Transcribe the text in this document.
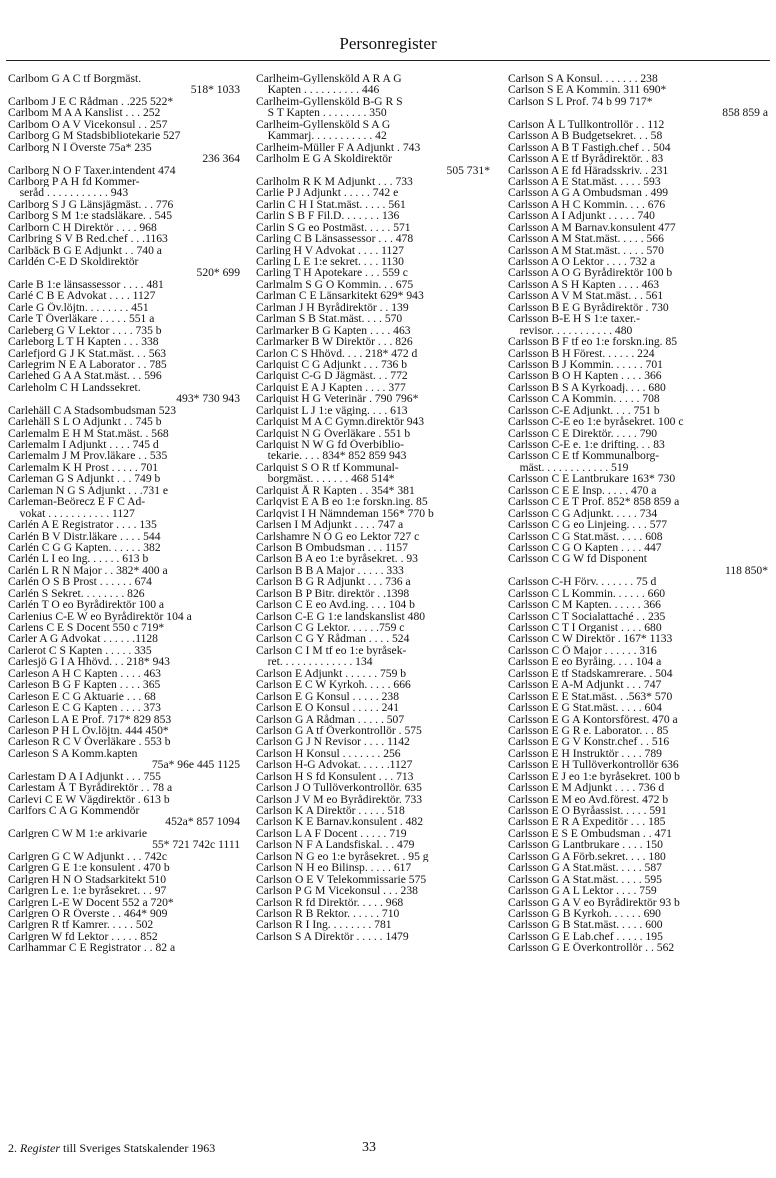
Personregister
Carlbom G A C tf Borgmäst.
518* 1033
Carlbom J E C Rådman . .225 522*
Carlbom M A A Kanslist . . . 252
Carlbom O A V Vicekonsul . . 257
Carlborg G M Stadsbibliotekarie 527
Carlborg N I Överste 75a* 235
236 364
Carlborg N O F Taxer.intendent 474
Carlborg P A H fd Kommer-
seråd . . . . . . . . . . . 943
Carlborg S J G Länsjägmäst. . . 776
Carlborg S M 1:e stadsläkare. . 545
Carlborn C H Direktör . . . . 968
Carlbring S V B Red.chef . . .1163
Carlbäck B G E Adjunkt . . 740 a
Carldén C-E D Skoldirektör
520* 699
Carle B 1:e länsassessor . . . . 481
Carlé C B E Advokat . . . . 1127
Carle G Öv.löjtn. . . . . . . . 451
Carle T Överläkare . . . . . 551 a
Carleberg G V Lektor . . . . 735 b
Carleborg L T H Kapten . . . 338
Carlefjord G J K Stat.mäst. . . 563
Carlegrim N E A Laborator . . 785
Carlehed G A A Stat.mäst. . . 596
Carleholm C H Landssekret.
493* 730 943
Carlehäll C A Stadsombudsman 523
Carlehäll S L O Adjunkt . . 745 b
Carlemalm E H M Stat.mäst. . 568
Carlemalm I Adjunkt . . . . 745 d
Carlemalm J M Prov.läkare . . 535
Carlemalm K H Prost . . . . . 701
Carleman G S Adjunkt . . . 749 b
Carleman N G S Adjunkt . . .731 e
Carleman-Beörecz E F C Ad-
vokat . . . . . . . . . . . 1127
Carlén A E Registrator . . . . 135
Carlén B V Distr.läkare . . . . 544
Carlén C G G Kapten. . . . . . 382
Carlén L I eo Ing. . . . . . 613 b
Carlén L R N Major . . 382* 400 a
Carlén O S B Prost . . . . . . 674
Carlén S Sekret. . . . . . . . 826
Carlén T O eo Byrådirektör 100 a
Carlenius C-E W eo Byrådirektör 104 a
Carlens C E S Docent 550 c 719*
Carler A G Advokat . . . . . .1128
Carlerot C S Kapten . . . . . 335
Carlesjö G I A Hhövd. . . 218* 943
Carleson A H C Kapten . . . . 463
Carleson B G F Kapten . . . . 365
Carleson E C G Aktuarie . . . 68
Carleson E C G Kapten . . . . 373
Carleson L A E Prof. 717* 829 853
Carleson P H L Öv.löjtn. 444 450*
Carleson R C V Överläkare . 553 b
Carleson S A Komm.kapten
75a* 96e 445 1125
Carlestam D A I Adjunkt . . . 755
Carlestam Å T Byrådirektör . . 78 a
Carlevi C E W Vägdirektör . 613 b
Carlfors C A G Kommendör
452a* 857 1094
Carlgren C W M 1:e arkivarie
55* 721 742c 1111
Carlgren G C W Adjunkt . . . 742c
Carlgren G E 1:e konsulent . 470 b
Carlgren H N O Stadsarkitekt 510
Carlgren L e. 1:e byråsekret. . . 97
Carlgren L-E W Docent 552 a 720*
Carlgren O R Överste . . 464* 909
Carlgren R tf Kamrer. . . . . 502
Carlgren W fd Lektor . . . . . 852
Carlhammar C E Registrator . . 82 a
Carlheim-Gyllensköld A R A G
Kapten . . . . . . . . . . 446
Carlheim-Gyllensköld B-G R S
S T Kapten . . . . . . . . 350
Carlheim-Gyllensköld S A G
Kammarj. . . . . . . . . . . 42
Carlheim-Müller F A Adjunkt . 743
Carlholm E G A Skoldirektör
505 731*
Carlholm R K M Adjunkt . . . 733
Carlie P J Adjunkt . . . . . 742 e
Carlin C H I Stat.mäst. . . . . 561
Carlin S B F Fil.D. . . . . . . 136
Carlin S G eo Postmäst. . . . . 571
Carling C B Länsassessor . . . 478
Carling H V Advokat . . . . 1127
Carling L E 1:e sekret. . . . 1130
Carling T H Apotekare . . . 559 c
Carlmalm S G O Kommin. . . 675
Carlman C E Länsarkitekt 629* 943
Carlman J H Byrådirektör . . 139
Carlman S B Stat.mäst. . . . 570
Carlmarker B G Kapten . . . . 463
Carlmarker B W Direktör . . . 826
Carlon C S Hhövd. . . . 218* 472 d
Carlquist C G Adjunkt . . . 736 b
Carlquist C-G D Jägmäst. . . 772
Carlquist E A J Kapten . . . . 377
Carlquist H G Veterinär . 790 796*
Carlquist L J 1:e väging. . . . 613
Carlquist M A C Gymn.direktör 943
Carlquist N G Överläkare . 551 b
Carlquist N W G fd Överbiblio-
tekarie. . . . 834* 852 859 943
Carlquist S O R tf Kommunal-
borgmäst. . . . . . . 468 514*
Carlquist Å R Kapten . . 354* 381
Carlqvist E A B eo 1:e forskn.ing. 85
Carlqvist I H Nämndeman 156* 770 b
Carlsen I M Adjunkt . . . . 747 a
Carlshamre N O G eo Lektor 727 c
Carlson B Ombudsman . . . 1157
Carlson B A eo 1:e byråsekret. . 93
Carlson B B A Major . . . . . 333
Carlson B G R Adjunkt . . . 736 a
Carlson B P Bitr. direktör . .1398
Carlson C E eo Avd.ing. . . . 104 b
Carlson C-E G 1:e landskanslist 480
Carlson C G Lektor. . . . . .759 c
Carlson C G Y Rådman . . . . 524
Carlson C I M tf eo 1:e byråsek-
ret. . . . . . . . . . . . . 134
Carlson E Adjunkt . . . . . . 759 b
Carlson E C W Kyrkoh. . . . . 666
Carlson E G Konsul . . . . . 238
Carlson E O Konsul . . . . . 241
Carlson G A Rådman . . . . . 507
Carlson G A tf Överkontrollör . 575
Carlson G J N Revisor . . . . 1142
Carlson H Konsul . . . . . . . 256
Carlson H-G Advokat. . . . . .1127
Carlson H S fd Konsulent . . . 713
Carlson J O Tullöverkontrollör. 635
Carlson J V M eo Byrådirektör. 733
Carlson K A Direktör . . . . . 518
Carlson K E Barnav.konsulent . 482
Carlson L A F Docent . . . . . 719
Carlson N F A Landsfiskal. . . 479
Carlson N G eo 1:e byråsekret. . 95 g
Carlson N H eo Bilinsp. . . . . 617
Carlson O E V Telekommissarie 575
Carlson P G M Vicekonsul . . . 238
Carlson R fd Direktör. . . . . 968
Carlson R B Rektor. . . . . . 710
Carlson R I Ing. . . . . . . . 781
Carlson S A Direktör . . . . . 1479
Carlson S A Konsul. . . . . . . 238
Carlson S E A Kommin. 311 690*
Carlson S L Prof. 74 b 99 717*
858 859 a
Carlson Å L Tullkontrollör . . 112
Carlsson A B Budgetsekret. . . 58
Carlsson A B T Fastigh.chef . . 504
Carlsson A E tf Byrådirektör. . 83
Carlsson A E fd Häradsskriv. . 231
Carlsson A E Stat.mäst. . . . . 593
Carlsson A G A Ombudsman . 499
Carlsson A H C Kommin. . . . 676
Carlsson A I Adjunkt . . . . . 740
Carlsson A M Barnav.konsulent 477
Carlsson A M Stat.mäst. . . . . 566
Carlsson A M Stat.mäst. . . . . 570
Carlsson A O Lektor . . . . 732 a
Carlsson A O G Byrådirektör 100 b
Carlsson A S H Kapten . . . . 463
Carlsson A V M Stat.mäst. . . 561
Carlsson B E G Byrådirektör . 730
Carlsson B-E H S 1:e taxer.-
revisor. . . . . . . . . . . 480
Carlsson B F tf eo 1:e forskn.ing. 85
Carlsson B H Förest. . . . . . 224
Carlsson B J Kommin. . . . . . 701
Carlsson B O H Kapten . . . . 366
Carlsson B S A Kyrkoadj. . . . 680
Carlsson C A Kommin. . . . . 708
Carlsson C-E Adjunkt. . . . 751 b
Carlsson C-E eo 1:e byråsekret. 100 c
Carlsson C E Direktör. . . . . 790
Carlsson C-E e. 1:e drifting. . . 83
Carlsson C E tf Kommunalborg-
mäst. . . . . . . . . . . . 519
Carlsson C E Lantbrukare 163* 730
Carlsson C E E Insp. . . . . 470 a
Carlsson C E T Prof. 852* 858 859 a
Carlsson C G Adjunkt. . . . . 734
Carlsson C G eo Linjeing. . . . 577
Carlsson C G Stat.mäst. . . . . 608
Carlsson C G O Kapten . . . . 447
Carlsson C G W fd Disponent
118 850*
Carlsson C-H Förv. . . . . . . 75 d
Carlsson C L Kommin. . . . . . 660
Carlsson C M Kapten. . . . . . 366
Carlsson C T Socialattaché . . 235
Carlsson C T I Organist . . . . 680
Carlsson C W Direktör . 167* 1133
Carlsson C Ö Major . . . . . . 316
Carlsson E eo Byråing. . . . 104 a
Carlsson E tf Stadskamrerare. . 504
Carlsson E A-M Adjunkt . . . 747
Carlsson E E Stat.mäst. . .563* 570
Carlsson E G Stat.mäst. . . . . 604
Carlsson E G A Kontorsförest. 470 a
Carlsson E G R e. Laborator. . . 85
Carlsson E G V Konstr.chef . . 516
Carlsson E H Instruktör . . . . 789
Carlsson E H Tullöverkontrollör 636
Carlsson E J eo 1:e byråsekret. 100 b
Carlsson E M Adjunkt . . . . 736 d
Carlsson E M eo Avd.förest. 472 b
Carlsson E O Byråassist. . . . . 591
Carlsson E R A Expeditör . . . 185
Carlsson E S E Ombudsman . . 471
Carlsson G Lantbrukare . . . . 150
Carlsson G A Förb.sekret. . . . 180
Carlsson G A Stat.mäst. . . . . 587
Carlsson G A Stat.mäst. . . . . 595
Carlsson G A L Lektor . . . . 759
Carlsson G A V eo Byrådirektör 93 b
Carlsson G B Kyrkoh. . . . . . 690
Carlsson G B Stat.mäst. . . . . 600
Carlsson G E Lab.chef . . . . . 195
Carlsson G E Överkontrollör . . 562
2. Register till Sveriges Statskalender 1963	33
